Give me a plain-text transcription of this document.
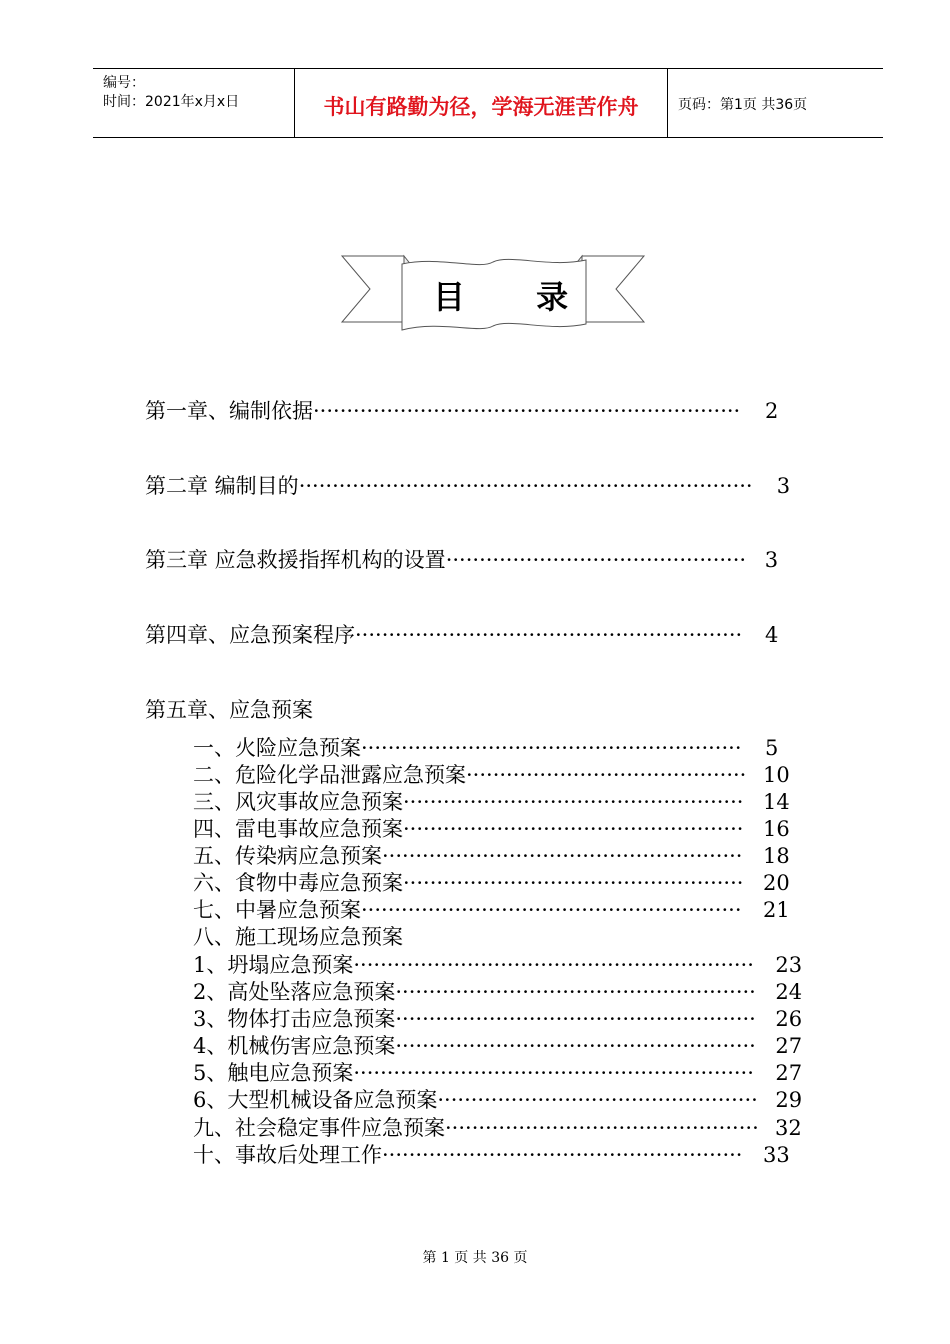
编号：
时间：2021年x月x日	书山有路勤为径，学海无涯苦作舟	页码：第1页 共36页
目 录
第一章、编制依据································································ 2
第二章 编制目的···································································· 3
第三章 应急救援指挥机构的设置············································· 3
第四章、应急预案程序·························································· 4
第五章、应急预案
一、火险应急预案························································· 5
二、危险化学品泄露应急预案·········································· 10
三、风灾事故应急预案··················································· 14
四、雷电事故应急预案··················································· 16
五、传染病应急预案······················································ 18
六、食物中毒应急预案··················································· 20
七、中暑应急预案························································· 21
八、施工现场应急预案
1、坍塌应急预案···························································· 23
2、高处坠落应急预案······················································ 24
3、物体打击应急预案······················································ 26
4、机械伤害应急预案······················································ 27
5、触电应急预案···························································· 27
6、大型机械设备应急预案················································ 29
九、社会稳定事件应急预案··············································· 32
十、事故后处理工作······················································ 33
第 1 页 共 36 页
